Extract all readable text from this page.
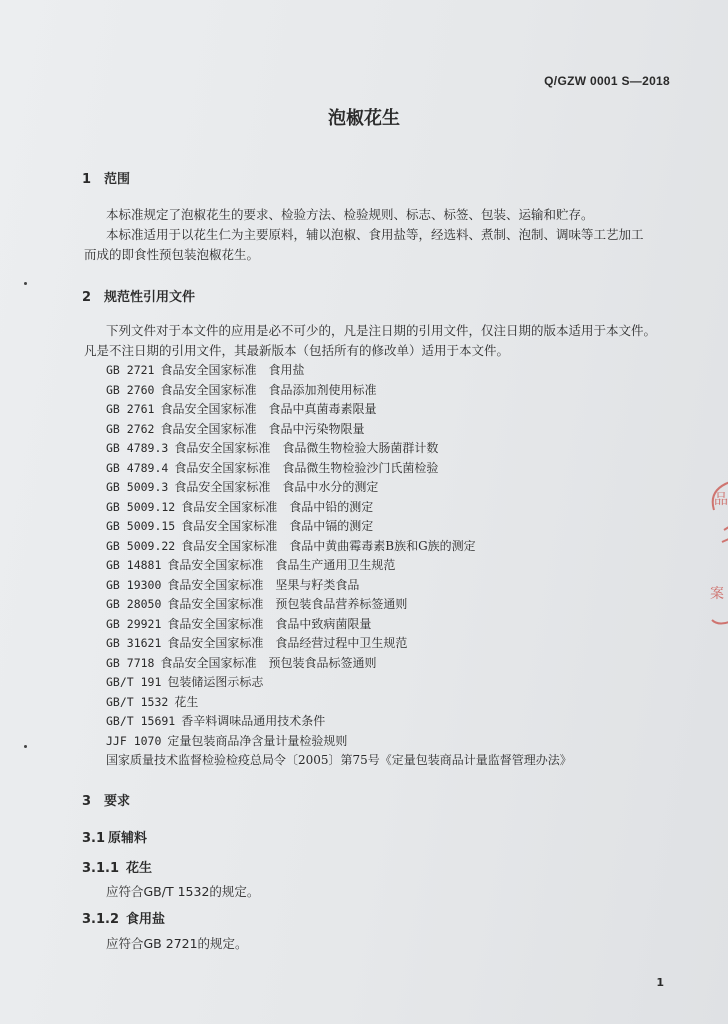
Q/GZW 0001 S—2018
泡椒花生
1 范围
本标准规定了泡椒花生的要求、检验方法、检验规则、标志、标签、包装、运输和贮存。
本标准适用于以花生仁为主要原料，辅以泡椒、食用盐等，经选料、煮制、泡制、调味等工艺加工
而成的即食性预包装泡椒花生。
2 规范性引用文件
下列文件对于本文件的应用是必不可少的，凡是注日期的引用文件，仅注日期的版本适用于本文件。
凡是不注日期的引用文件，其最新版本（包括所有的修改单）适用于本文件。
GB 2721 食品安全国家标准　食用盐
GB 2760 食品安全国家标准　食品添加剂使用标准
GB 2761 食品安全国家标准　食品中真菌毒素限量
GB 2762 食品安全国家标准　食品中污染物限量
GB 4789.3 食品安全国家标准　食品微生物检验大肠菌群计数
GB 4789.4 食品安全国家标准　食品微生物检验沙门氏菌检验
GB 5009.3 食品安全国家标准　食品中水分的测定
GB 5009.12 食品安全国家标准　食品中铅的测定
GB 5009.15 食品安全国家标准　食品中镉的测定
GB 5009.22 食品安全国家标准　食品中黄曲霉毒素B族和G族的测定
GB 14881 食品安全国家标准　食品生产通用卫生规范
GB 19300 食品安全国家标准　坚果与籽类食品
GB 28050 食品安全国家标准　预包装食品营养标签通则
GB 29921 食品安全国家标准　食品中致病菌限量
GB 31621 食品安全国家标准　食品经营过程中卫生规范
GB 7718 食品安全国家标准　预包装食品标签通则
GB/T 191 包装储运图示标志
GB/T 1532 花生
GB/T 15691 香辛料调味品通用技术条件
JJF 1070 定量包装商品净含量计量检验规则
国家质量技术监督检验检疫总局令〔2005〕第75号《定量包装商品计量监督管理办法》
3 要求
3.1 原辅料
3.1.1 花生
应符合GB/T 1532的规定。
3.1.2 食用盐
应符合GB 2721的规定。
1
品
案
